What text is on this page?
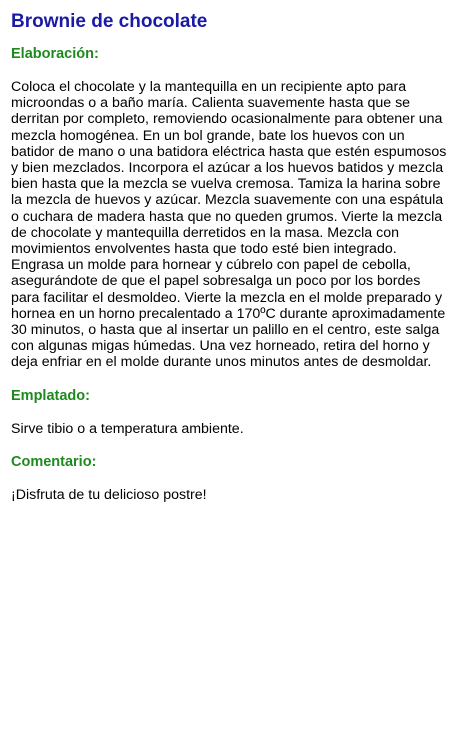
Brownie de chocolate
Elaboración:

Coloca el chocolate y la mantequilla en un recipiente apto para microondas o a baño maría. Calienta suavemente hasta que se derritan por completo, removiendo ocasionalmente para obtener una mezcla homogénea. En un bol grande, bate los huevos con un batidor de mano o una batidora eléctrica hasta que estén espumosos y bien mezclados. Incorpora el azúcar a los huevos batidos y mezcla bien hasta que la mezcla se vuelva cremosa. Tamiza la harina sobre la mezcla de huevos y azúcar. Mezcla suavemente con una espátula o cuchara de madera hasta que no queden grumos. Vierte la mezcla de chocolate y mantequilla derretidos en la masa. Mezcla con movimientos envolventes hasta que todo esté bien integrado. Engrasa un molde para hornear y cúbrelo con papel de cebolla, asegurándote de que el papel sobresalga un poco por los bordes para facilitar el desmoldeo. Vierte la mezcla en el molde preparado y hornea en un horno precalentado a 170ºC durante aproximadamente 30 minutos, o hasta que al insertar un palillo en el centro, este salga con algunas migas húmedas. Una vez horneado, retira del horno y deja enfriar en el molde durante unos minutos antes de desmoldar.

Emplatado:

Sirve tibio o a temperatura ambiente.

Comentario:

¡Disfruta de tu delicioso postre!
